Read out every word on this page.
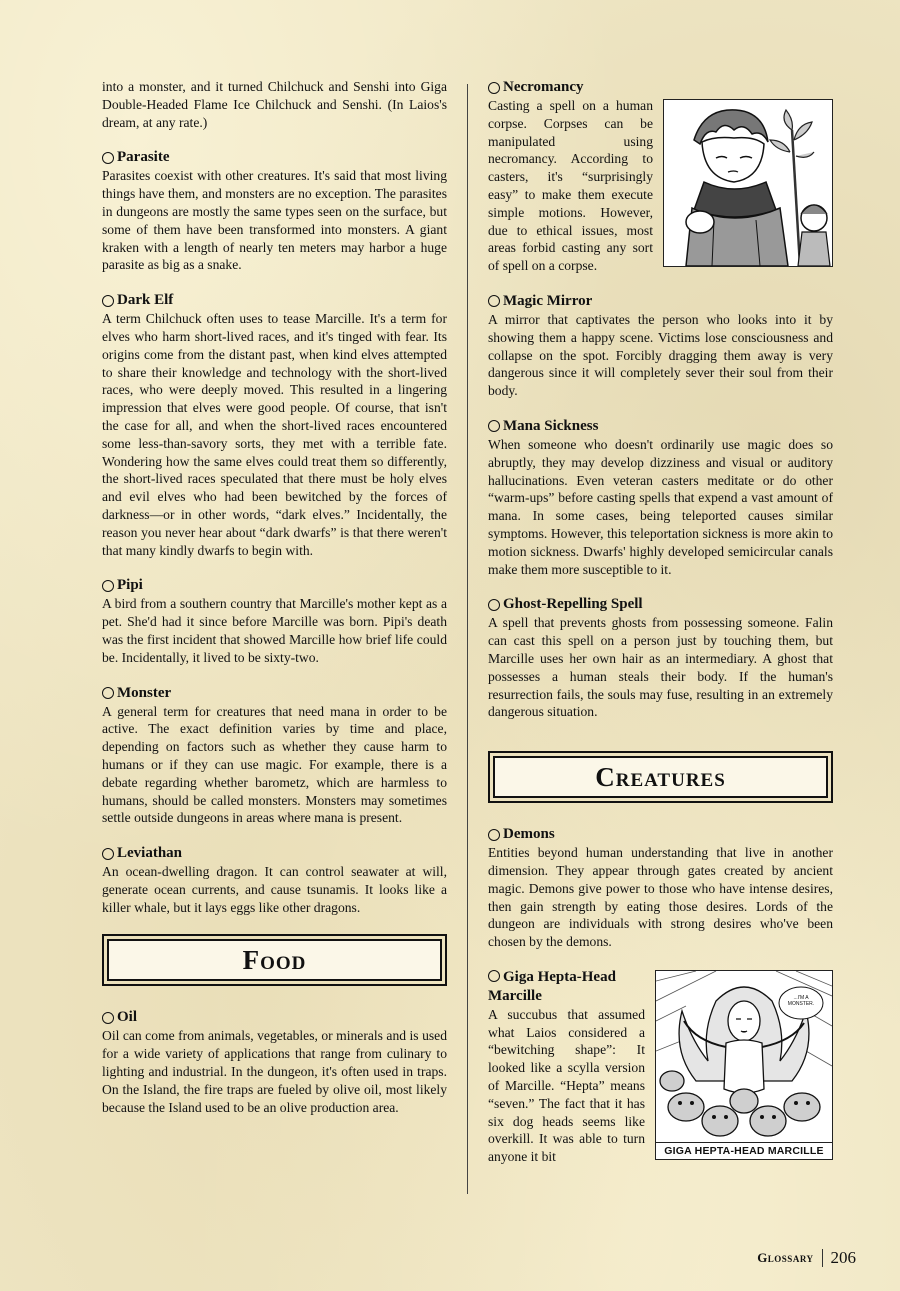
into a monster, and it turned Chilchuck and Senshi into Giga Double-Headed Flame Ice Chilchuck and Senshi. (In Laios's dream, at any rate.)

Parasite

Parasites coexist with other creatures. It's said that most living things have them, and monsters are no exception. The parasites in dungeons are mostly the same types seen on the surface, but some of them have been transformed into monsters. A giant kraken with a length of nearly ten meters may harbor a huge parasite as big as a snake.

Dark Elf

A term Chilchuck often uses to tease Marcille. It's a term for elves who harm short-lived races, and it's tinged with fear. Its origins come from the distant past, when kind elves attempted to share their knowledge and technology with the short-lived races, who were deeply moved. This resulted in a lingering impression that elves were good people. Of course, that isn't the case for all, and when the short-lived races encountered some less-than-savory sorts, they met with a terrible fate. Wondering how the same elves could treat them so differently, the short-lived races speculated that there must be holy elves and evil elves who had been bewitched by the forces of darkness—or in other words, “dark elves.” Incidentally, the reason you never hear about “dark dwarfs” is that there weren't that many kindly dwarfs to begin with.

Pipi

A bird from a southern country that Marcille's mother kept as a pet. She'd had it since before Marcille was born. Pipi's death was the first incident that showed Marcille how brief life could be. Incidentally, it lived to be sixty-two.

Monster

A general term for creatures that need mana in order to be active. The exact definition varies by time and place, depending on factors such as whether they cause harm to humans or if they can use magic. For example, there is a debate regarding whether barometz, which are harmless to humans, should be called monsters. Monsters may sometimes settle outside dungeons in areas where mana is present.

Leviathan

An ocean-dwelling dragon. It can control seawater at will, generate ocean currents, and cause tsunamis. It looks like a killer whale, but it lays eggs like other dragons.

Food
Oil

Oil can come from animals, vegetables, or minerals and is used for a wide variety of applications that range from culinary to lighting and industrial. In the dungeon, it's often used in traps. On the Island, the fire traps are fueled by olive oil, most likely because the Island used to be an olive production area.

Necromancy

Casting a spell on a human corpse. Corpses can be manipulated using necromancy. According to casters, it's “surprisingly easy” to make them execute simple motions. However, due to ethical issues, most areas forbid casting any sort of spell on a corpse.

Magic Mirror

A mirror that captivates the person who looks into it by showing them a happy scene. Victims lose consciousness and collapse on the spot. Forcibly dragging them away is very dangerous since it will completely sever their soul from their body.

Mana Sickness

When someone who doesn't ordinarily use magic does so abruptly, they may develop dizziness and visual or auditory hallucinations. Even veteran casters meditate or do other “warm-ups” before casting spells that expend a vast amount of mana. In some cases, being teleported causes similar symptoms. However, this teleportation sickness is more akin to motion sickness. Dwarfs' highly developed semicircular canals make them more susceptible to it.

Ghost-Repelling Spell

A spell that prevents ghosts from possessing someone. Falin can cast this spell on a person just by touching them, but Marcille uses her own hair as an intermediary. A ghost that possesses a human steals their body. If the human's resurrection fails, the souls may fuse, resulting in an extremely dangerous situation.

Creatures
Demons

Entities beyond human understanding that live in another dimension. They appear through gates created by ancient magic. Demons give power to those who have intense desires, then gain strength by eating those desires. Lords of the dungeon are individuals with strong desires who've been chosen by the demons.

...I'M A MONSTER.
GIGA HEPTA-HEAD MARCILLE
Giga Hepta-Head Marcille

A succubus that assumed what Laios considered a “bewitching shape”: It looked like a scylla version of Marcille. “Hepta” means “seven.” The fact that it has six dog heads seems like overkill. It was able to turn anyone it bit

Glossary 206
